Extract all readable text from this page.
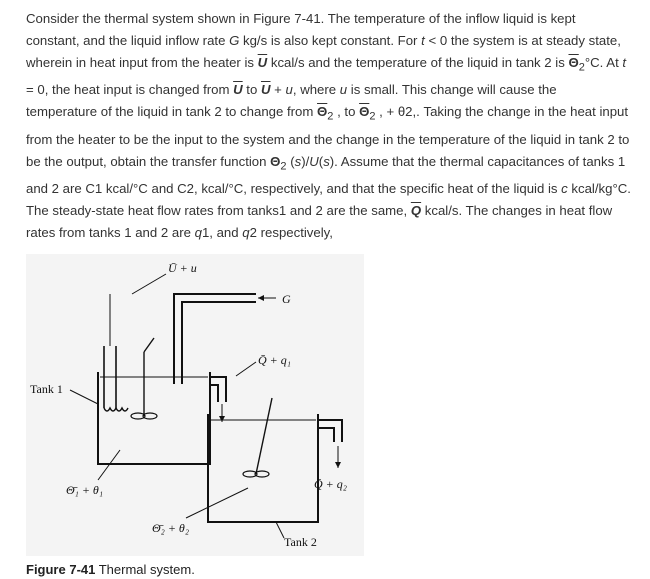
Consider the thermal system shown in Figure 7-41. The temperature of the inflow liquid is kept constant, and the liquid inflow rate G kg/s is also kept constant. For t < 0 the system is at steady state, wherein in heat input from the heater is $\overline{U}$ kcal/s and the temperature of the liquid in tank 2 is $\overline{\Theta}_2^\circ C$. At t = 0, the heat input is changed from $\overline{U}$ to $\overline{U} + u$, where u is small. This change will cause the temperature of the liquid in tank 2 to change from $\overline{\Theta}_2$ , to $\overline{\Theta}_2$ , + θ2,. Taking the change in the heat input from the heater to be the input to the system and the change in the temperature of the liquid in tank 2 to be the output, obtain the transfer function $\Theta_2$ (s)/U(s). Assume that the thermal capacitances of tanks 1 and 2 are C1 kcal/°C and C2, kcal/°C, respectively, and that the specific heat of the liquid is c kcal/kg°C. The steady-state heat flow rates from tanks1 and 2 are the same, $\overline{Q}$ kcal/s. The changes in heat flow rates from tanks 1 and 2 are q1, and q2 respectively,
Ū + u
G
Q̄ + q₁
Q̄ + q₂
Tank 1
Θ̄₁ + θ₁
Θ̄₂ + θ₂
Tank 2
Figure 7-41 Thermal system.
